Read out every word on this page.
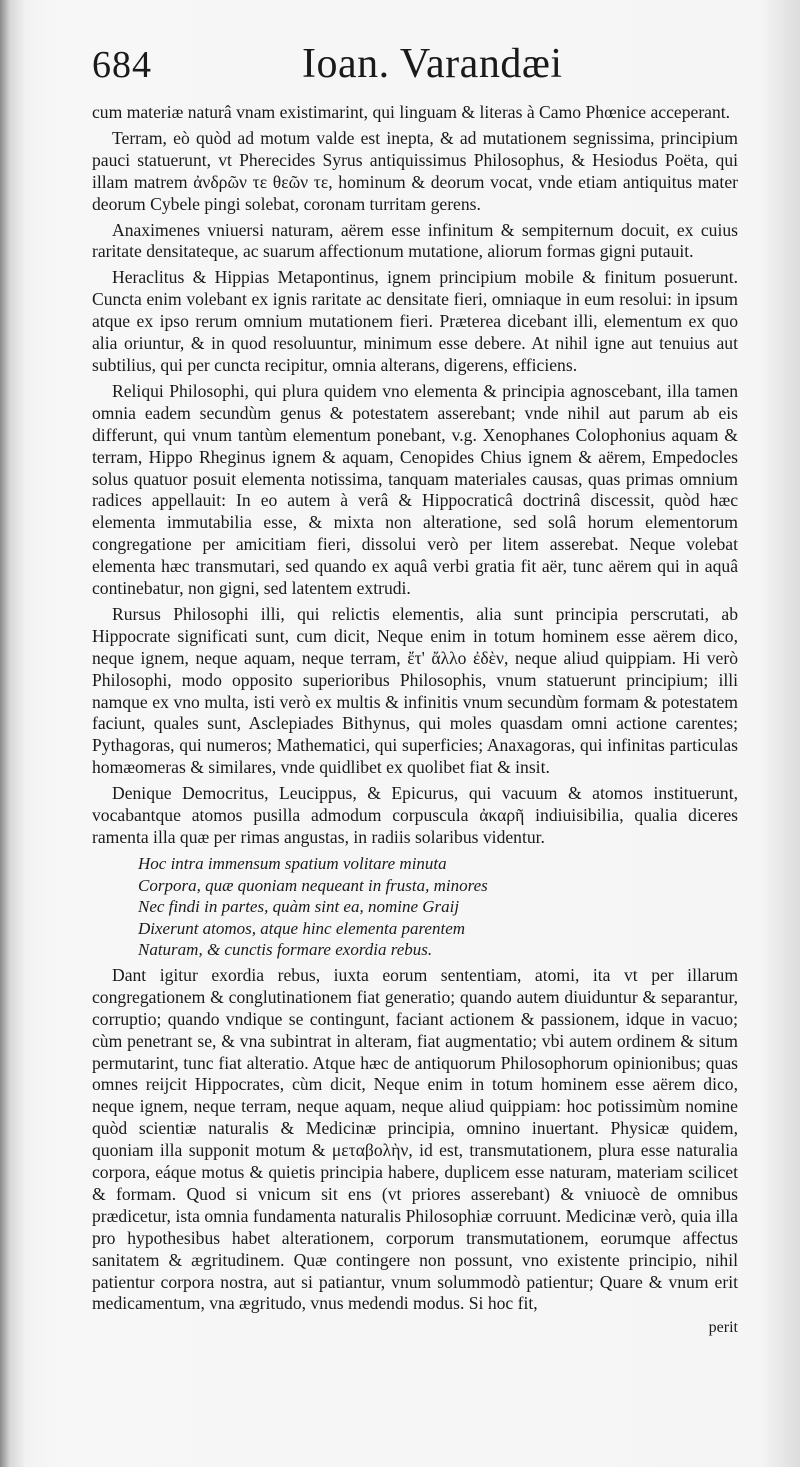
684	Ioan. Varandæi

cum materiæ naturâ vnam existimarint, qui linguam & literas à Camo Phœnice acceperant.

Terram, eò quòd ad motum valde est inepta, & ad mutationem segnissima, principium pauci statuerunt, vt Pherecides Syrus antiquissimus Philosophus, & Hesiodus Poëta, qui illam matrem ἀνδρῶν τε θεῶν τε, hominum & deorum vocat, vnde etiam antiquitus mater deorum Cybele pingi solebat, coronam turritam gerens.

Anaximenes vniuersi naturam, aërem esse infinitum & sempiternum docuit, ex cuius raritate densitateque, ac suarum affectionum mutatione, aliorum formas gigni putauit.

Heraclitus & Hippias Metapontinus, ignem principium mobile & finitum posuerunt. Cuncta enim volebant ex ignis raritate ac densitate fieri, omniaque in eum resolui: in ipsum atque ex ipso rerum omnium mutationem fieri. Præterea dicebant illi, elementum ex quo alia oriuntur, & in quod resoluuntur, minimum esse debere. At nihil igne aut tenuius aut subtilius, qui per cuncta recipitur, omnia alterans, digerens, efficiens.

Reliqui Philosophi, qui plura quidem vno elementa & principia agnoscebant, illa tamen omnia eadem secundùm genus & potestatem asserebant; vnde nihil aut parum ab eis differunt, qui vnum tantùm elementum ponebant, v.g. Xenophanes Colophonius aquam & terram, Hippo Rheginus ignem & aquam, Cenopides Chius ignem & aërem, Empedocles solus quatuor posuit elementa notissima, tanquam materiales causas, quas primas omnium radices appellauit: In eo autem à verâ & Hippocraticâ doctrinâ discessit, quòd hæc elementa immutabilia esse, & mixta non alteratione, sed solâ horum elementorum congregatione per amicitiam fieri, dissolui verò per litem asserebat. Neque volebat elementa hæc transmutari, sed quando ex aquâ verbi gratia fit aër, tunc aërem qui in aquâ continebatur, non gigni, sed latentem extrudi.

Rursus Philosophi illi, qui relictis elementis, alia sunt principia perscrutati, ab Hippocrate significati sunt, cum dicit, Neque enim in totum hominem esse aërem dico, neque ignem, neque aquam, neque terram, ἔτ' ἄλλο ἐδὲν, neque aliud quippiam. Hi verò Philosophi, modo opposito superioribus Philosophis, vnum statuerunt principium; illi namque ex vno multa, isti verò ex multis & infinitis vnum secundùm formam & potestatem faciunt, quales sunt, Asclepiades Bithynus, qui moles quasdam omni actione carentes; Pythagoras, qui numeros; Mathematici, qui superficies; Anaxagoras, qui infinitas particulas homæomeras & similares, vnde quidlibet ex quolibet fiat & insit.

Denique Democritus, Leucippus, & Epicurus, qui vacuum & atomos instituerunt, vocabantque atomos pusilla admodum corpuscula ἀκαρῆ indiuisibilia, qualia diceres ramenta illa quæ per rimas angustas, in radiis solaribus videntur.

Hoc intra immensum spatium volitare minuta
Corpora, quæ quoniam nequeant in frusta, minores
Nec findi in partes, quàm sint ea, nomine Graij
Dixerunt atomos, atque hinc elementa parentem
Naturam, & cunctis formare exordia rebus.

Dant igitur exordia rebus, iuxta eorum sententiam, atomi, ita vt per illarum congregationem & conglutinationem fiat generatio; quando autem diuiduntur & separantur, corruptio; quando vndique se contingunt, faciant actionem & passionem, idque in vacuo; cùm penetrant se, & vna subintrat in alteram, fiat augmentatio; vbi autem ordinem & situm permutarint, tunc fiat alteratio. Atque hæc de antiquorum Philosophorum opinionibus; quas omnes reijcit Hippocrates, cùm dicit, Neque enim in totum hominem esse aërem dico, neque ignem, neque terram, neque aquam, neque aliud quippiam: hoc potissimùm nomine quòd scientiæ naturalis & Medicinæ principia, omnino inuertant. Physicæ quidem, quoniam illa supponit motum & μεταβολὴν, id est, transmutationem, plura esse naturalia corpora, eáque motus & quietis principia habere, duplicem esse naturam, materiam scilicet & formam. Quod si vnicum sit ens (vt priores asserebant) & vniuocè de omnibus prædicetur, ista omnia fundamenta naturalis Philosophiæ corruunt. Medicinæ verò, quia illa pro hypothesibus habet alterationem, corporum transmutationem, eorumque affectus sanitatem & ægritudinem. Quæ contingere non possunt, vno existente principio, nihil patientur corpora nostra, aut si patiantur, vnum solummodò patientur; Quare & vnum erit medicamentum, vna ægritudo, vnus medendi modus. Si hoc fit,

perit
